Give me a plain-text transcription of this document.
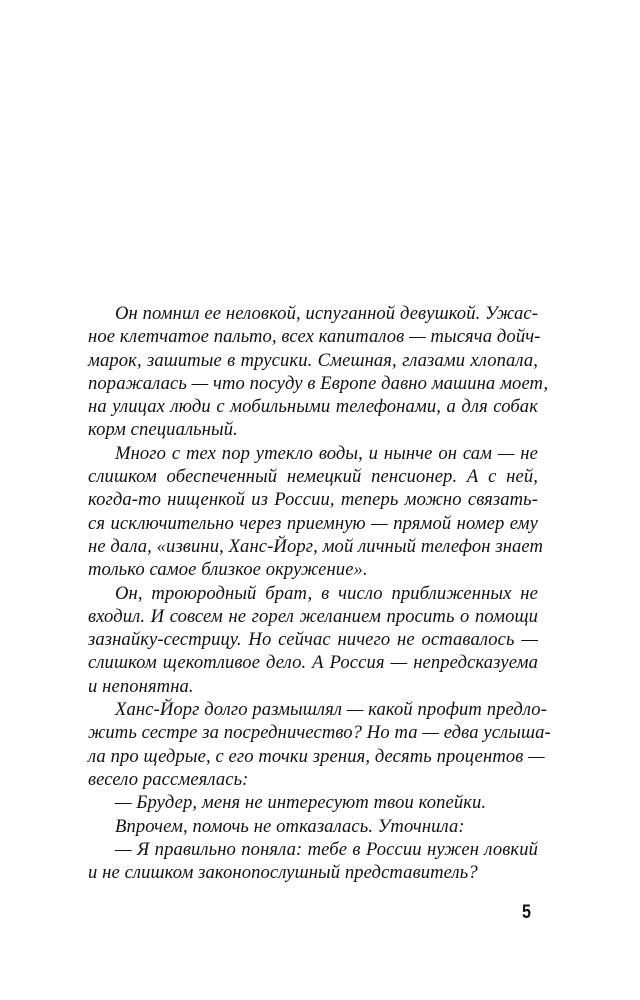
Он помнил ее неловкой, испуганной девушкой. Ужас-
ное клетчатое пальто, всех капиталов — тысяча дойч-
марок, зашитые в трусики. Смешная, глазами хлопала,
поражалась — что посуду в Европе давно машина моет,
на улицах люди с мобильными телефонами, а для собак
корм специальный.
Много с тех пор утекло воды, и нынче он сам — не
слишком обеспеченный немецкий пенсионер. А с ней,
когда-то нищенкой из России, теперь можно связать-
ся исключительно через приемную — прямой номер ему
не дала, «извини, Ханс-Йорг, мой личный телефон знает
только самое близкое окружение».
Он, троюродный брат, в число приближенных не
входил. И совсем не горел желанием просить о помощи
зазнайку-сестрицу. Но сейчас ничего не оставалось —
слишком щекотливое дело. А Россия — непредсказуема
и непонятна.
Ханс-Йорг долго размышлял — какой профит предло-
жить сестре за посредничество? Но та — едва услыша-
ла про щедрые, с его точки зрения, десять процентов —
весело рассмеялась:
— Брудер, меня не интересуют твои копейки.
Впрочем, помочь не отказалась. Уточнила:
— Я правильно поняла: тебе в России нужен ловкий
и не слишком законопослушный представитель?
5
